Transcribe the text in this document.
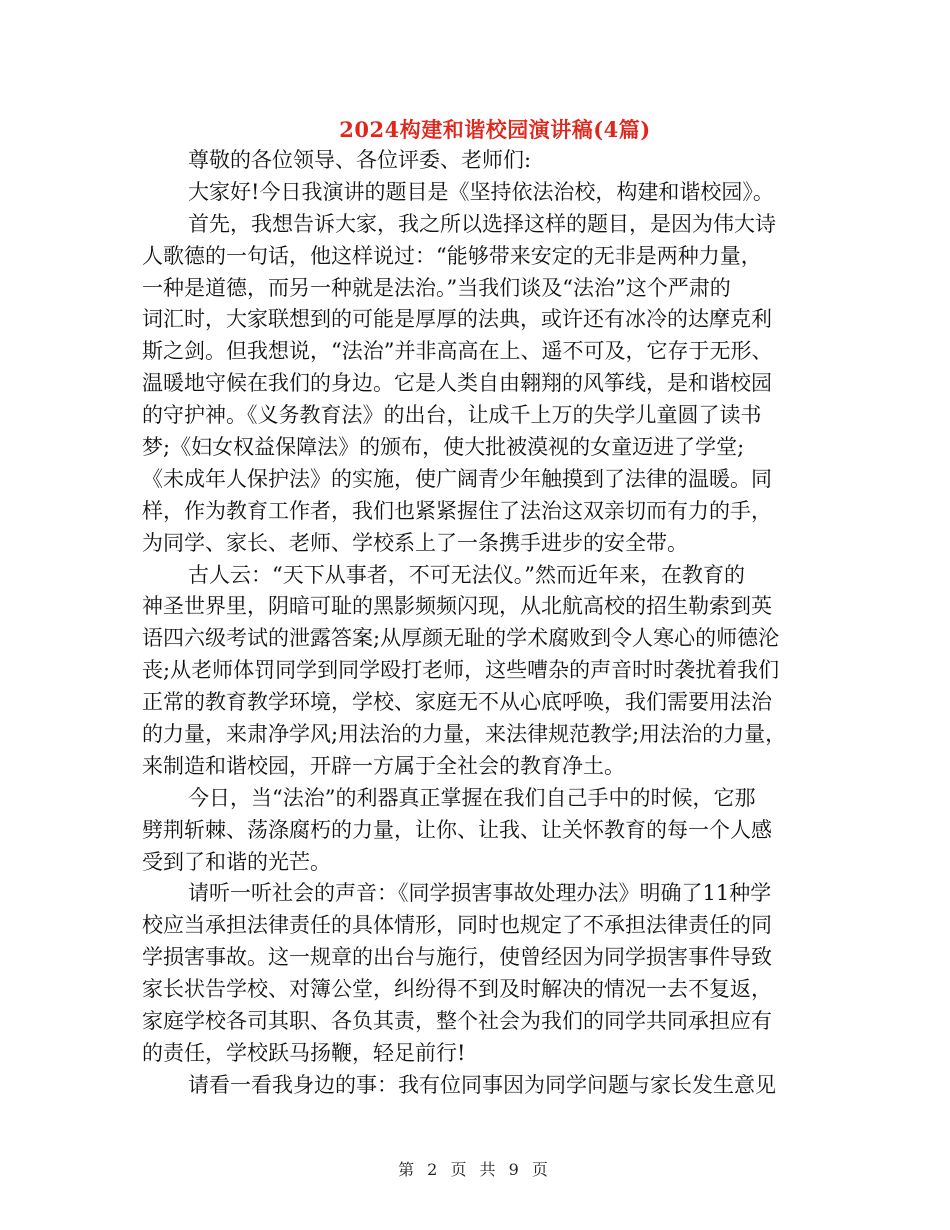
2024构建和谐校园演讲稿(4篇)
尊敬的各位领导、各位评委、老师们:
大家好!今日我演讲的题目是《坚持依法治校，构建和谐校园》。
首先，我想告诉大家，我之所以选择这样的题目，是因为伟大诗
人歌德的一句话，他这样说过：“能够带来安定的无非是两种力量，
一种是道德，而另一种就是法治。”当我们谈及“法治”这个严肃的
词汇时，大家联想到的可能是厚厚的法典，或许还有冰冷的达摩克利
斯之剑。但我想说，“法治”并非高高在上、遥不可及，它存于无形、
温暖地守候在我们的身边。它是人类自由翱翔的风筝线，是和谐校园
的守护神。《义务教育法》的出台，让成千上万的失学儿童圆了读书
梦;《妇女权益保障法》的颁布，使大批被漠视的女童迈进了学堂;
《未成年人保护法》的实施，使广阔青少年触摸到了法律的温暖。同
样，作为教育工作者，我们也紧紧握住了法治这双亲切而有力的手，
为同学、家长、老师、学校系上了一条携手进步的安全带。
古人云：“天下从事者，不可无法仪。”然而近年来，在教育的
神圣世界里，阴暗可耻的黑影频频闪现，从北航高校的招生勒索到英
语四六级考试的泄露答案;从厚颜无耻的学术腐败到令人寒心的师德沦
丧;从老师体罚同学到同学殴打老师，这些嘈杂的声音时时袭扰着我们
正常的教育教学环境，学校、家庭无不从心底呼唤，我们需要用法治
的力量，来肃净学风;用法治的力量，来法律规范教学;用法治的力量，
来制造和谐校园，开辟一方属于全社会的教育净土。
今日，当“法治”的利器真正掌握在我们自己手中的时候，它那
劈荆斩棘、荡涤腐朽的力量，让你、让我、让关怀教育的每一个人感
受到了和谐的光芒。
请听一听社会的声音：《同学损害事故处理办法》明确了11种学
校应当承担法律责任的具体情形，同时也规定了不承担法律责任的同
学损害事故。这一规章的出台与施行，使曾经因为同学损害事件导致
家长状告学校、对簿公堂，纠纷得不到及时解决的情况一去不复返，
家庭学校各司其职、各负其责，整个社会为我们的同学共同承担应有
的责任，学校跃马扬鞭，轻足前行!
请看一看我身边的事：我有位同事因为同学问题与家长发生意见
第 2 页 共 9 页
